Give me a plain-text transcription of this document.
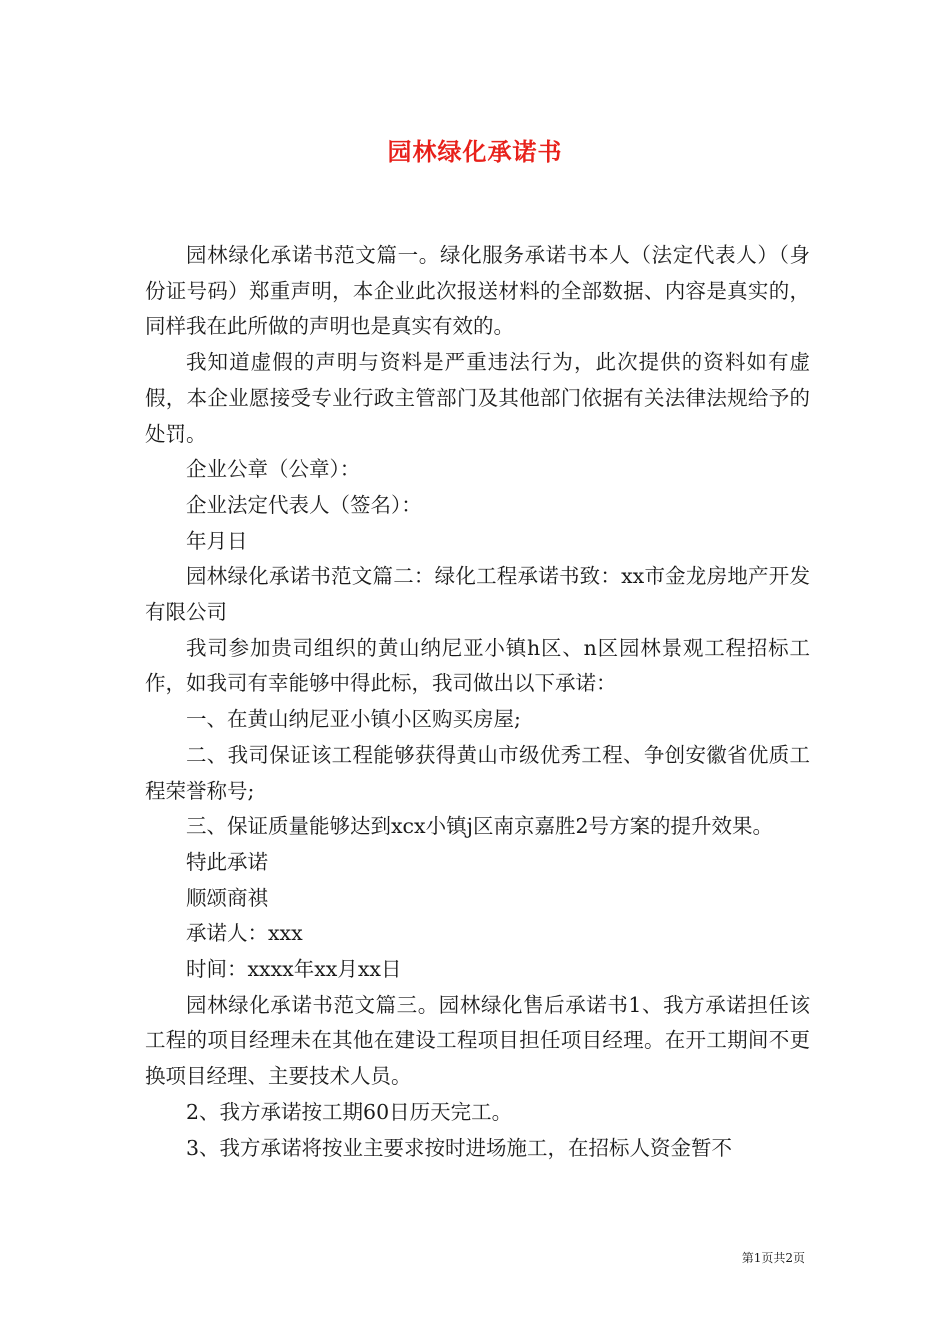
园林绿化承诺书

园林绿化承诺书范文篇一。绿化服务承诺书本人（法定代表人）（身份证号码）郑重声明，本企业此次报送材料的全部数据、内容是真实的，同样我在此所做的声明也是真实有效的。

我知道虚假的声明与资料是严重违法行为，此次提供的资料如有虚假，本企业愿接受专业行政主管部门及其他部门依据有关法律法规给予的处罚。

企业公章（公章）：

企业法定代表人（签名）：

年月日

园林绿化承诺书范文篇二：绿化工程承诺书致：xx市金龙房地产开发有限公司

我司参加贵司组织的黄山纳尼亚小镇h区、n区园林景观工程招标工作，如我司有幸能够中得此标，我司做出以下承诺：

一、在黄山纳尼亚小镇小区购买房屋;

二、我司保证该工程能够获得黄山市级优秀工程、争创安徽省优质工程荣誉称号;

三、保证质量能够达到xcx小镇j区南京嘉胜2号方案的提升效果。

特此承诺

顺颂商祺

承诺人：xxx

时间：xxxx年xx月xx日

园林绿化承诺书范文篇三。园林绿化售后承诺书1、我方承诺担任该工程的项目经理未在其他在建设工程项目担任项目经理。在开工期间不更换项目经理、主要技术人员。

2、我方承诺按工期60日历天完工。

3、我方承诺将按业主要求按时进场施工，在招标人资金暂不

第1页共2页
